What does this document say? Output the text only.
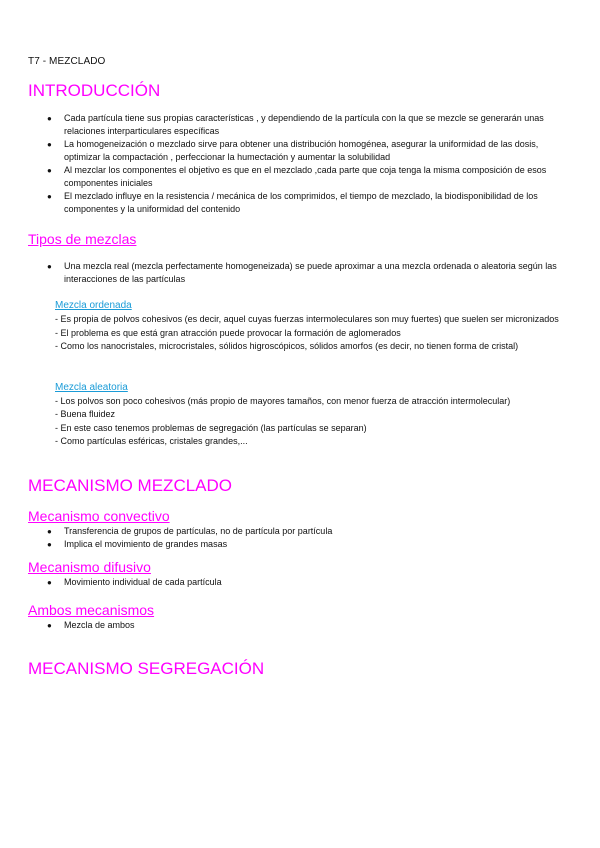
T7 - MEZCLADO
INTRODUCCIÓN
● Cada partícula tiene sus propias características , y dependiendo de la partícula con la que se mezcle se generarán unas relaciones interparticulares específicas
● La homogeneización o mezclado sirve para obtener una distribución homogénea, asegurar la uniformidad de las dosis, optimizar la compactación , perfeccionar la humectación y aumentar la solubilidad
● Al mezclar los componentes el objetivo es que en el mezclado ,cada parte que coja tenga la misma composición de esos componentes iniciales
● El mezclado influye en la resistencia / mecánica de los comprimidos, el tiempo de mezclado, la biodisponibilidad de los componentes y la uniformidad del contenido
Tipos de mezclas
● Una mezcla real (mezcla perfectamente homogeneizada) se puede aproximar a una mezcla ordenada o aleatoria según las interacciones de las partículas
Mezcla ordenada
- Es propia de polvos cohesivos (es decir, aquel cuyas fuerzas intermoleculares son muy fuertes) que suelen ser micronizados
- El problema es que está gran atracción puede provocar la formación de aglomerados
- Como los nanocristales, microcristales, sólidos higroscópicos, sólidos amorfos (es decir, no tienen forma de cristal)
Mezcla aleatoria
- Los polvos son poco cohesivos (más propio de mayores tamaños, con menor fuerza de atracción intermolecular)
- Buena fluidez
- En este caso tenemos problemas de segregación (las partículas se separan)
- Como partículas esféricas, cristales grandes,...
MECANISMO MEZCLADO
Mecanismo convectivo
● Transferencia de grupos de partículas, no de partícula por partícula
● Implica el movimiento de grandes masas
Mecanismo difusivo
● Movimiento individual de cada partícula
Ambos mecanismos
● Mezcla de ambos
MECANISMO SEGREGACIÓN
